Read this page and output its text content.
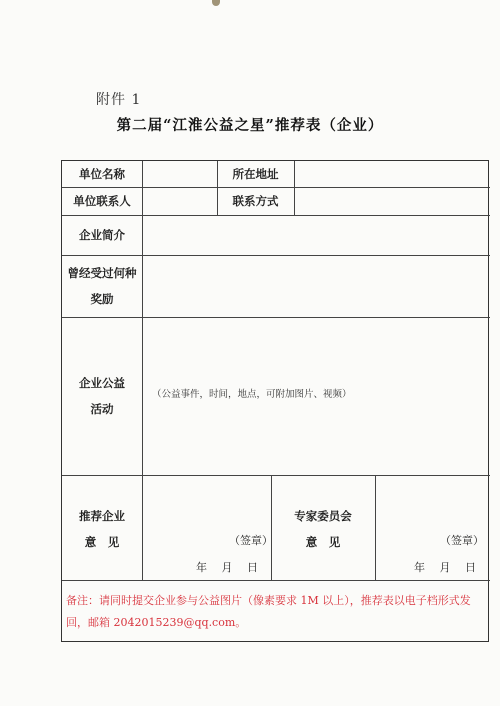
附件 1
第二届“江淮公益之星”推荐表（企业）
单位名称	所在地址
单位联系人	联系方式
企业简介
曾经受过何种
奖励
企业公益
活动
推荐企业
意　见
专家委员会
意　见
（公益事件，时间，地点，可附加图片、视频）
（签章）
年　 月　 日
（签章）
年　 月　 日
备注：请同时提交企业参与公益图片（像素要求 1M 以上），推荐表以电子档形式发回，邮箱 2042015239@qq.com。
